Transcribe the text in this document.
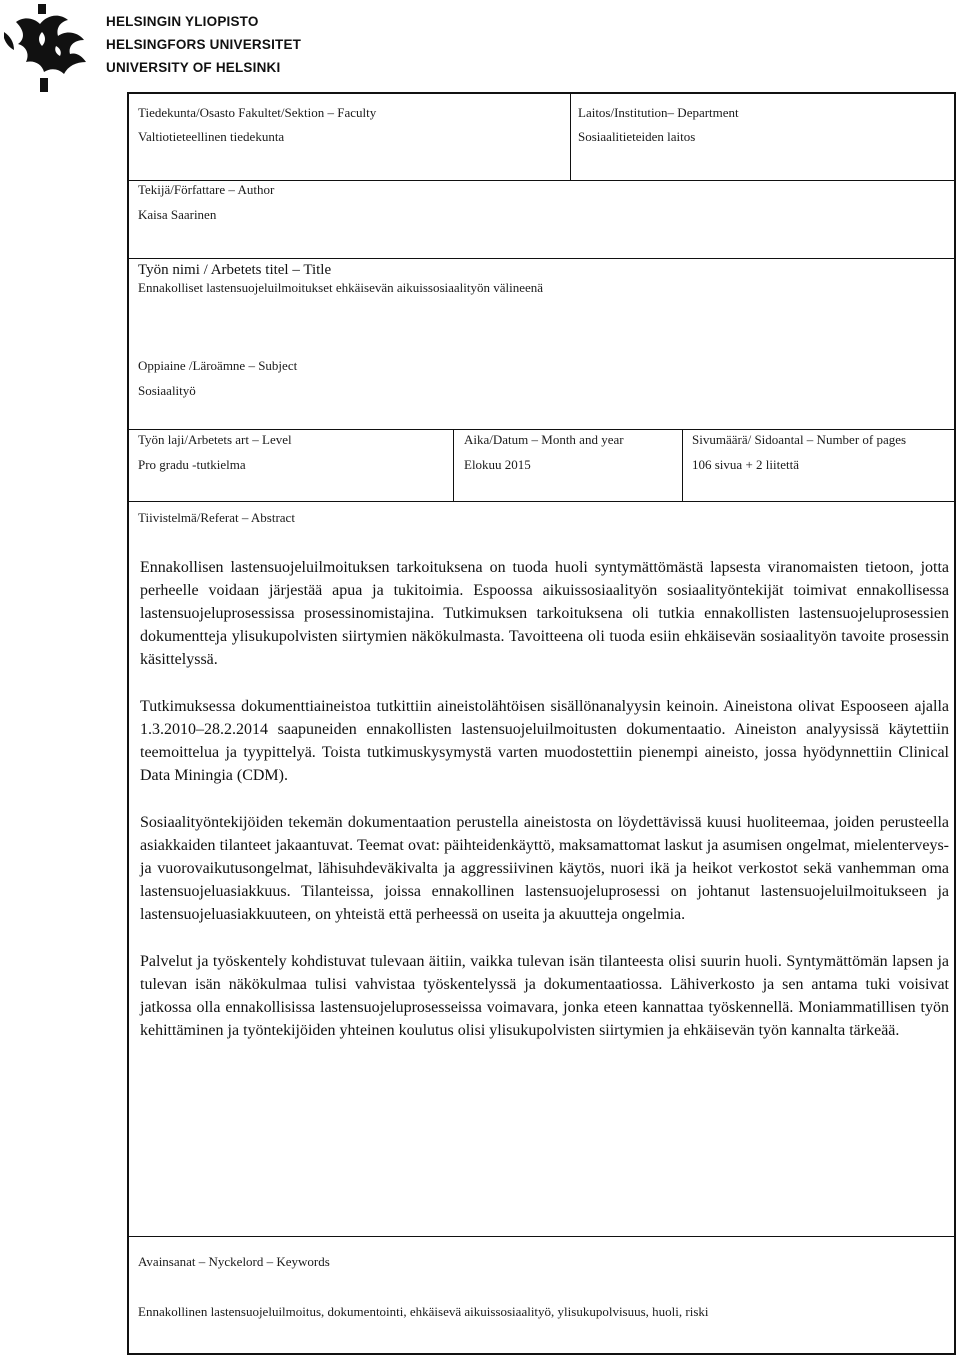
HELSINGIN YLIOPISTO
HELSINGFORS UNIVERSITET
UNIVERSITY OF HELSINKI
Tiedekunta/Osasto Fakultet/Sektion – Faculty
Valtiotieteellinen tiedekunta
Laitos/Institution– Department
Sosiaalitieteiden laitos
Tekijä/Författare – Author
Kaisa Saarinen
Työn nimi / Arbetets titel – Title
Ennakolliset lastensuojeluilmoitukset ehkäisevän aikuissosiaalityön välineenä
Oppiaine /Läroämne – Subject
Sosiaalityö
Työn laji/Arbetets art – Level
Pro gradu -tutkielma
Aika/Datum – Month and year
Elokuu 2015
Sivumäärä/ Sidoantal – Number of pages
106 sivua + 2 liitettä
Tiivistelmä/Referat – Abstract

Ennakollisen lastensuojeluilmoituksen tarkoituksena on tuoda huoli syntymättömästä lapsesta viranomaisten tietoon, jotta perheelle voidaan järjestää apua ja tukitoimia. Espoossa aikuissosiaalityön sosiaalityöntekijät toimivat ennakollisessa lastensuojeluprosessissa prosessinomistajina. Tutkimuksen tarkoituksena oli tutkia ennakollisten lastensuojeluprosessien dokumentteja ylisukupolvisten siirtymien näkökulmasta. Tavoitteena oli tuoda esiin ehkäisevän sosiaalityön tavoite prosessin käsittelyssä.

Tutkimuksessa dokumenttiaineistoa tutkittiin aineistolähtöisen sisällönanalyysin keinoin. Aineistona olivat Espooseen ajalla 1.3.2010–28.2.2014 saapuneiden ennakollisten lastensuojeluilmoitusten dokumentaatio. Aineiston analyysissä käytettiin teemoittelua ja tyypittelyä. Toista tutkimuskysymystä varten muodostettiin pienempi aineisto, jossa hyödynnettiin Clinical Data Miningia (CDM).

Sosiaalityöntekijöiden tekemän dokumentaation perustella aineistosta on löydettävissä kuusi huoliteemaa, joiden perusteella asiakkaiden tilanteet jakaantuvat. Teemat ovat: päihteidenkäyttö, maksamattomat laskut ja asumisen ongelmat, mielenterveys- ja vuorovaikutusongelmat, lähisuhdeväkivalta ja aggressiivinen käytös, nuori ikä ja heikot verkostot sekä vanhemman oma lastensuojeluasiakkuus. Tilanteissa, joissa ennakollinen lastensuojeluprosessi on johtanut lastensuojeluilmoitukseen ja lastensuojeluasiakkuuteen, on yhteistä että perheessä on useita ja akuutteja ongelmia.

Palvelut ja työskentely kohdistuvat tulevaan äitiin, vaikka tulevan isän tilanteesta olisi suurin huoli. Syntymättömän lapsen ja tulevan isän näkökulmaa tulisi vahvistaa työskentelyssä ja dokumentaatiossa. Lähiverkosto ja sen antama tuki voisivat jatkossa olla ennakollisissa lastensuojeluprosesseissa voimavara, jonka eteen kannattaa työskennellä. Moniammatillisen työn kehittäminen ja työntekijöiden yhteinen koulutus olisi ylisukupolvisten siirtymien ja ehkäisevän työn kannalta tärkeää.

Avainsanat – Nyckelord – Keywords
Ennakollinen lastensuojeluilmoitus, dokumentointi, ehkäisevä aikuissosiaalityö, ylisukupolvisuus, huoli, riski
